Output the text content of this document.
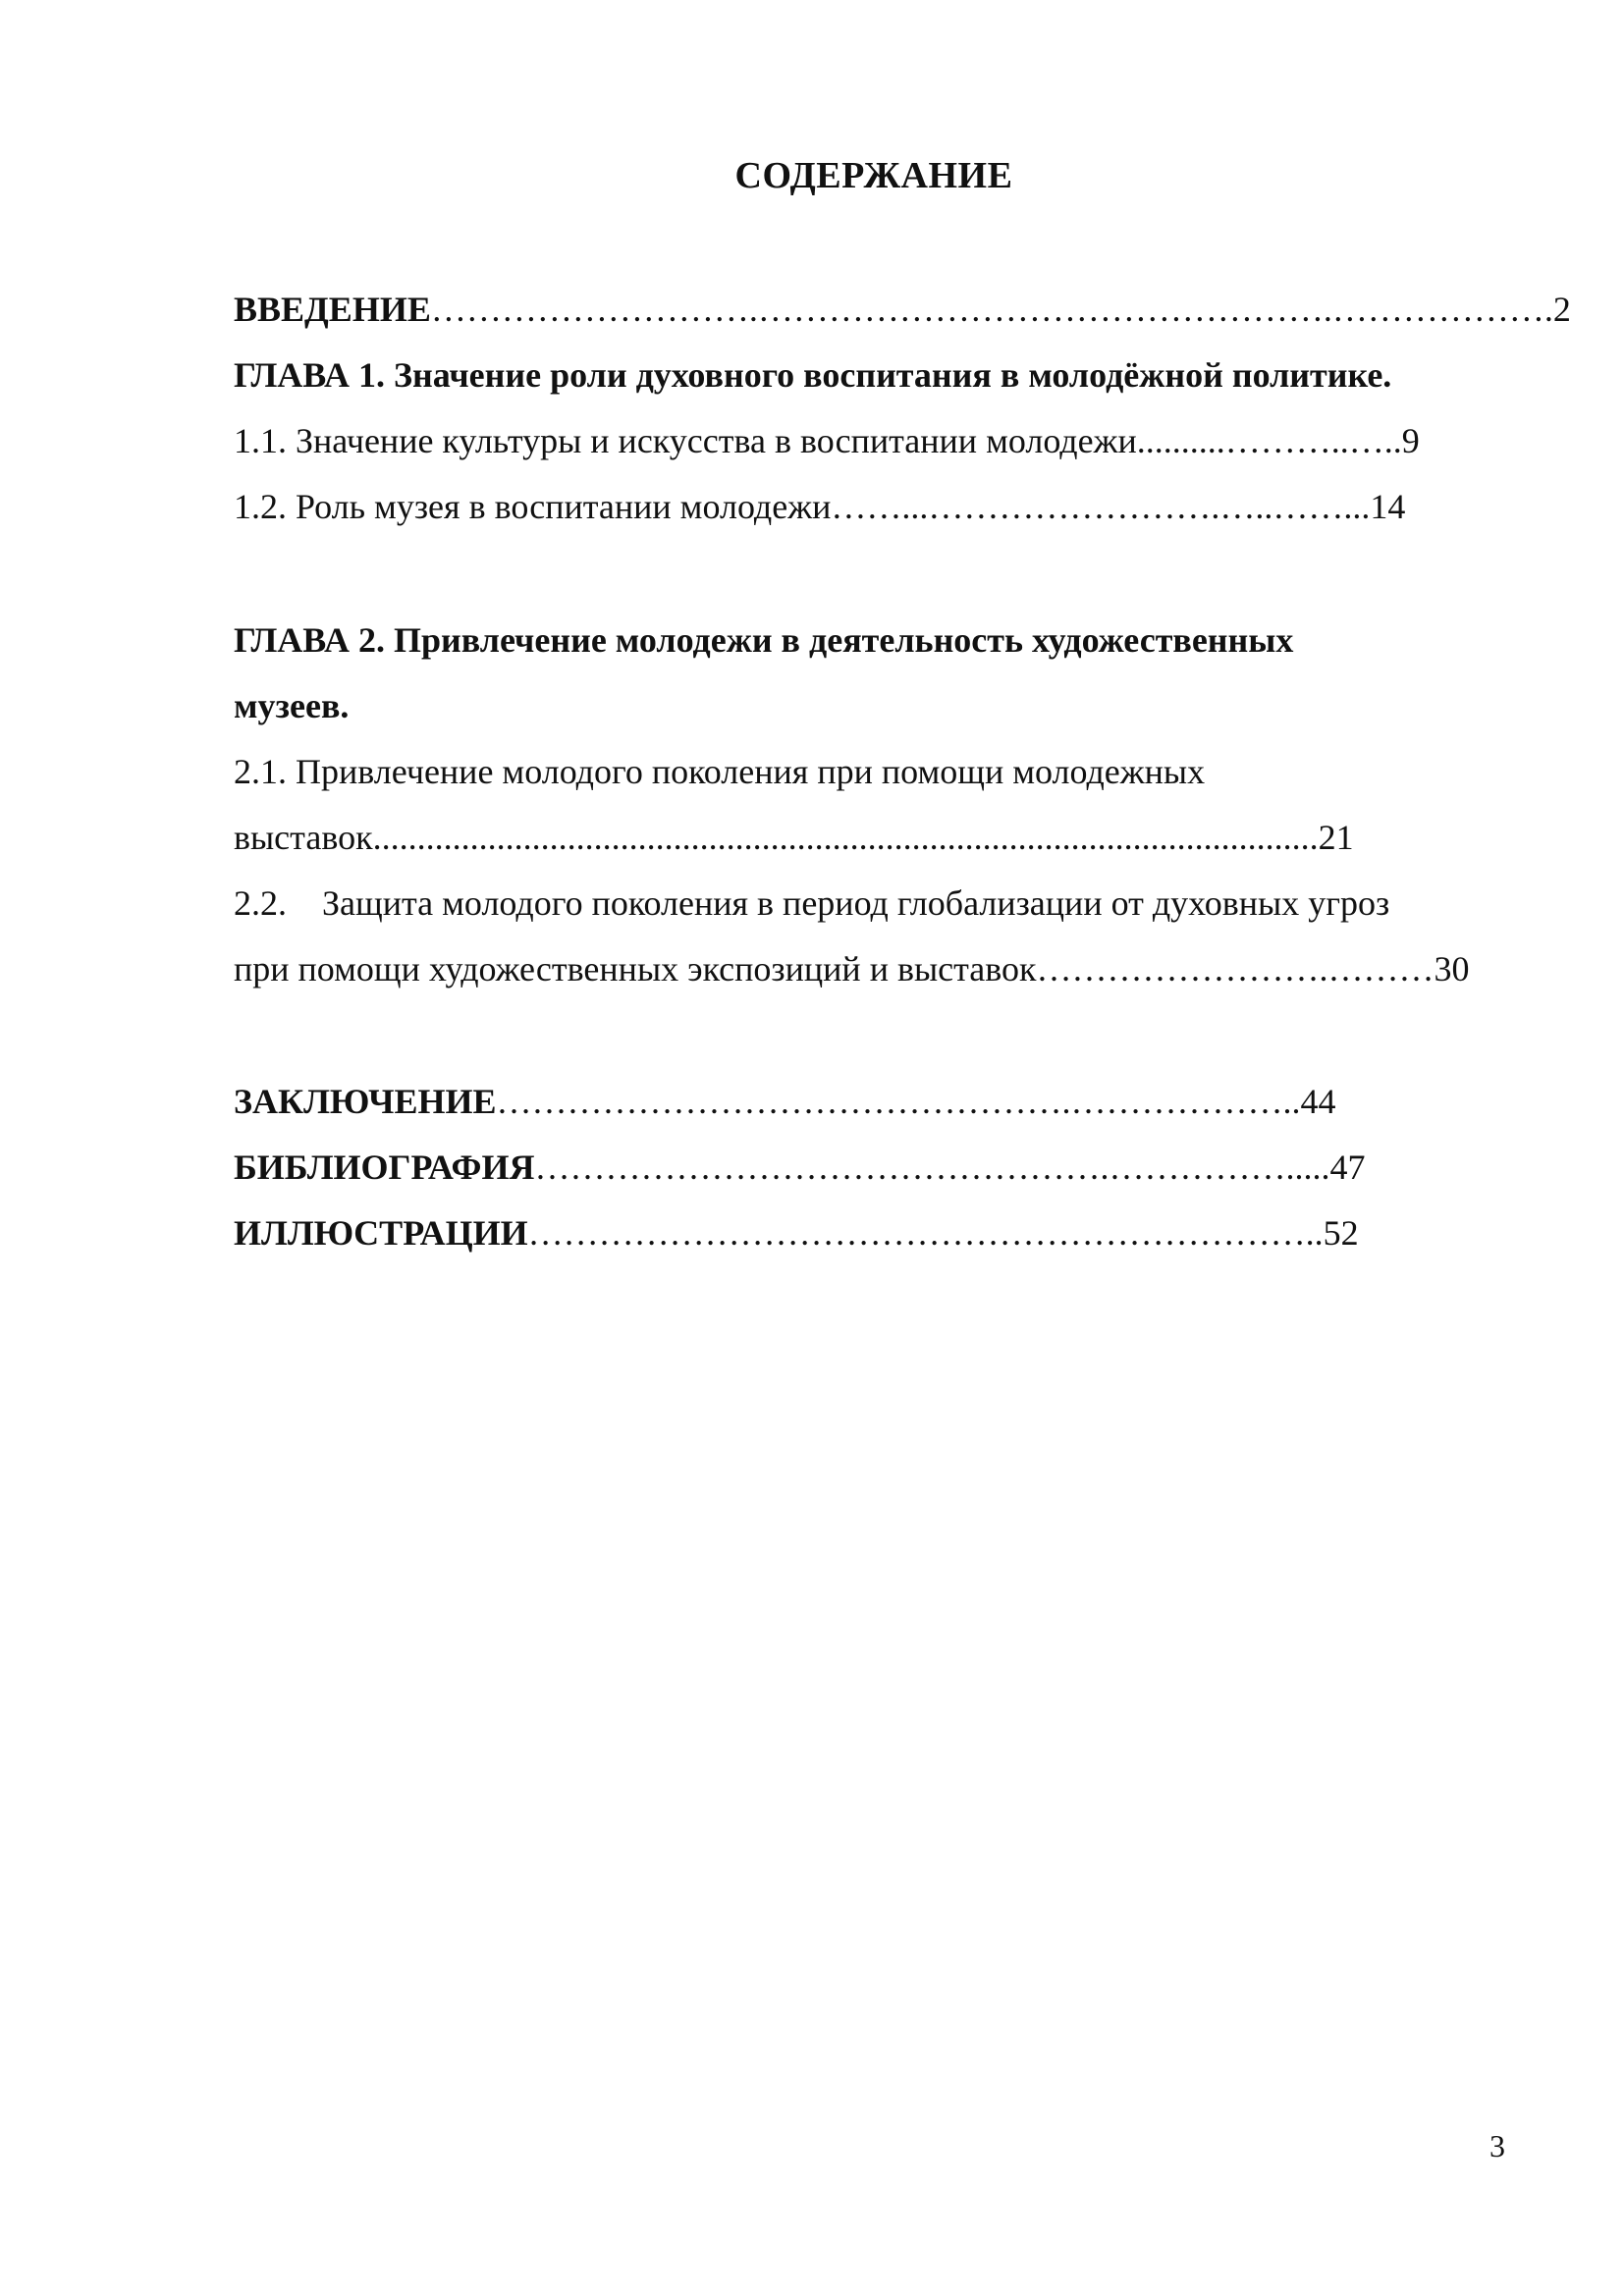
СОДЕРЖАНИЕ
ВВЕДЕНИЕ……………………….………………………………………….……………….2
ГЛАВА 1. Значение роли духовного воспитания в молодёжной политике.
1.1. Значение культуры и искусства в воспитании молодежи..........………..…..9
1.2. Роль музея в воспитании молодежи……...…………………….…..……...14
ГЛАВА 2. Привлечение молодежи в деятельность художественных
музеев.
2.1. Привлечение молодого поколения при помощи молодежных
выставок...........................................................................................................21
2.2.    Защита молодого поколения в период глобализации от духовных угроз
при помощи художественных экспозиций и выставок…………………….………30
ЗАКЛЮЧЕНИЕ………………………………………….………………..44
БИБЛИОГРАФИЯ………………………………………….…………….....47
ИЛЛЮСТРАЦИИ…………………………………………………………..52
3
